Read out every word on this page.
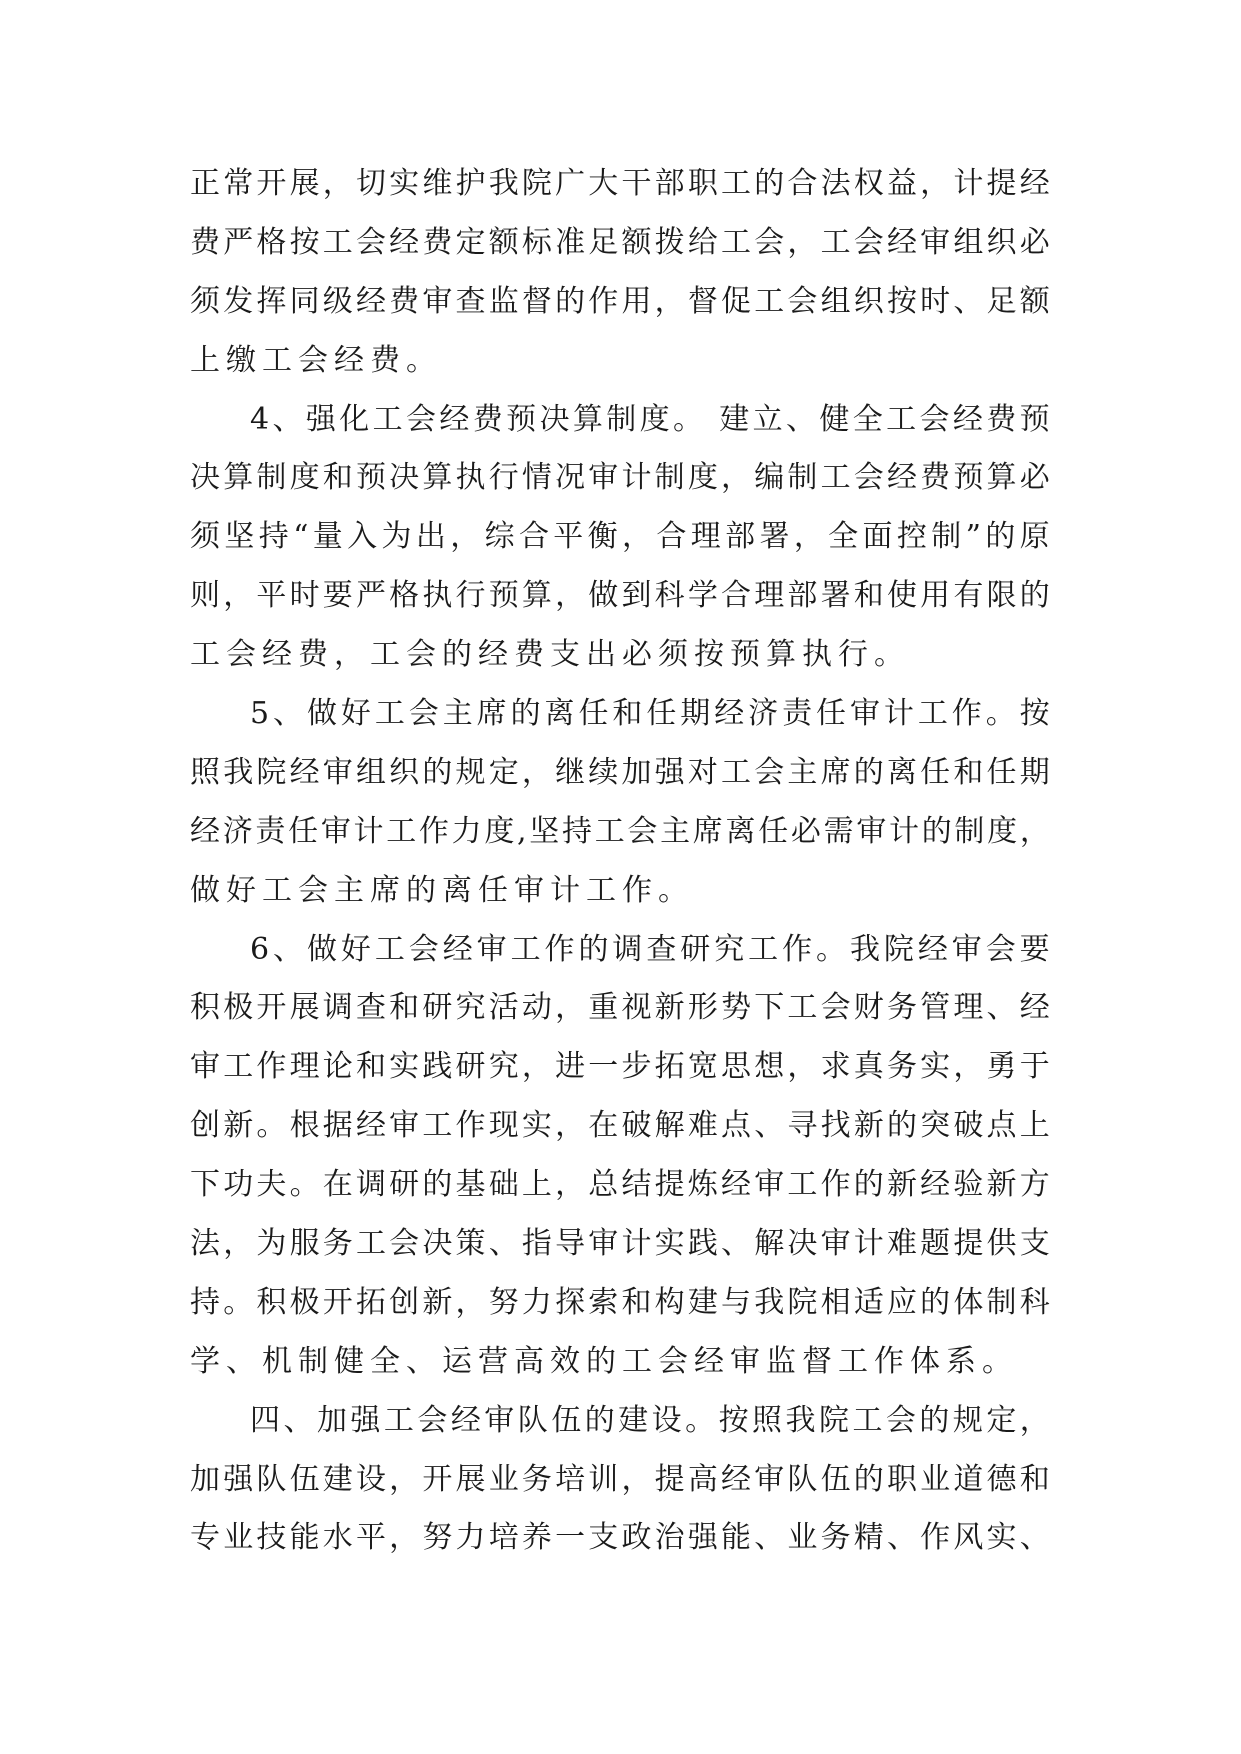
正 常 开 展 ， 切 实 维 护 我 院 广 大 干 部 职 工 的 合 法 权 益 ， 计 提 经
费 严 格 按 工 会 经 费 定 额 标 准 足 额 拨 给 工 会 ， 工 会 经 审 组 织 必
须 发 挥 同 级 经 费 审 查 监 督 的 作 用 ， 督 促 工 会 组 织 按 时 、 足 额
上缴工会经费。
4 、 强 化 工 会 经 费 预 决 算 制 度 。
建 立 、 健 全 工 会 经 费 预
决 算 制 度 和 预 决 算 执 行 情 况 审 计 制 度 ， 编 制 工 会 经 费 预 算 必
须 坚 持 “ 量 入 为 出 ， 综 合 平 衡 ， 合 理 部 署 ， 全 面 控 制 ” 的 原
则 ， 平 时 要 严 格 执 行 预 算 ， 做 到 科 学 合 理 部 署 和 使 用 有 限 的
工会经费，工会的经费支出必须按预算执行。
5 、 做 好 工 会 主 席 的 离 任 和 任 期 经 济 责 任 审 计 工 作 。 按
照 我 院 经 审 组 织 的 规 定 ， 继 续 加 强 对 工 会 主 席 的 离 任 和 任 期
经 济 责 任 审 计 工 作 力 度 , 坚 持 工 会 主 席 离 任 必 需 审 计 的 制 度 ，
做好工会主席的离任审计工作。
6 、 做 好 工 会 经 审 工 作 的 调 查 研 究 工 作 。 我 院 经 审 会 要
积 极 开 展 调 查 和 研 究 活 动 ， 重 视 新 形 势 下 工 会 财 务 管 理 、 经
审 工 作 理 论 和 实 践 研 究 ， 进 一 步 拓 宽 思 想 ， 求 真 务 实 ， 勇 于
创 新 。 根 据 经 审 工 作 现 实 ， 在 破 解 难 点 、 寻 找 新 的 突 破 点 上
下 功 夫 。 在 调 研 的 基 础 上 ， 总 结 提 炼 经 审 工 作 的 新 经 验 新 方
法 ， 为 服 务 工 会 决 策 、 指 导 审 计 实 践 、 解 决 审 计 难 题 提 供 支
持 。 积 极 开 拓 创 新 ， 努 力 探 索 和 构 建 与 我 院 相 适 应 的 体 制 科
学、机制健全、运营高效的工会经审监督工作体系。
四 、 加 强 工 会 经 审 队 伍 的 建 设 。 按 照 我 院 工 会 的 规 定 ，
加 强 队 伍 建 设 ， 开 展 业 务 培 训 ， 提 高 经 审 队 伍 的 职 业 道 德 和
专 业 技 能 水 平 ， 努 力 培 养 一 支 政 治 强 能 、 业 务 精 、 作 风 实 、
